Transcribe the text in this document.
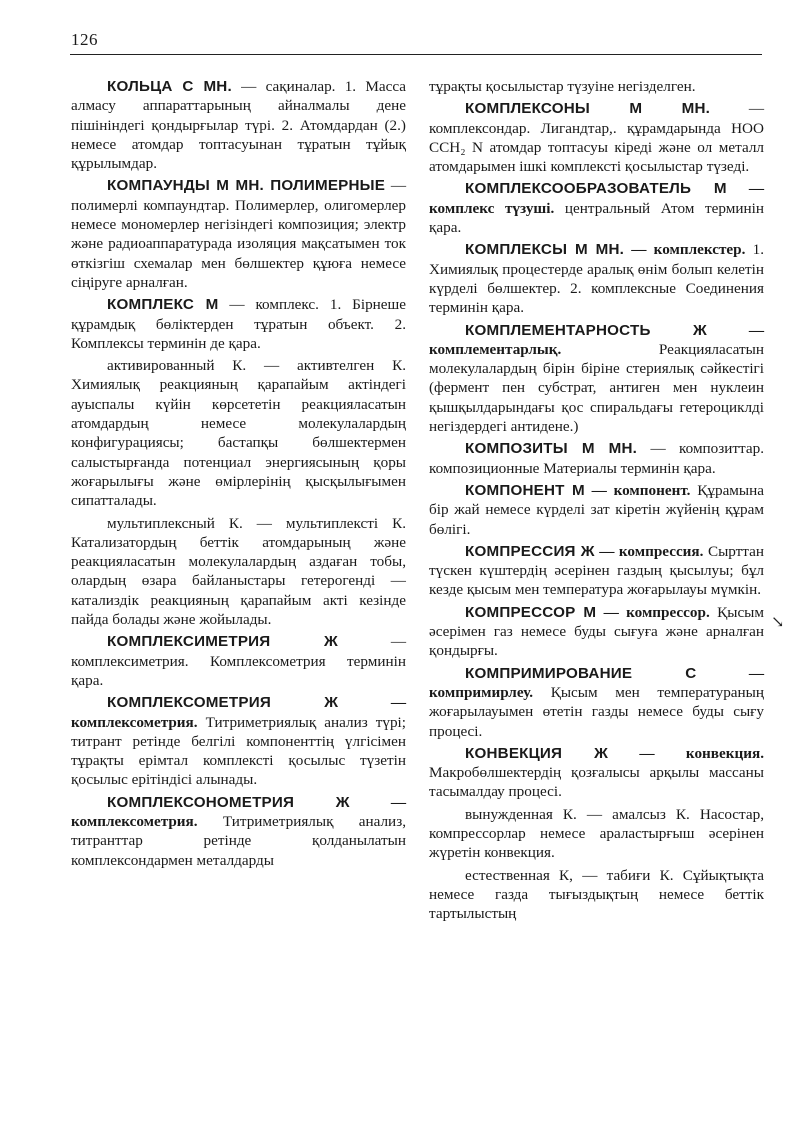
126

КОЛЬЦА С МН. — сақиналар. 1. Масса алмасу аппараттарының айналмалы дене пішініндегі қондырғылар түрі. 2. Атомдардан (2.) немесе атомдар топтасуынан тұратын тұйық құрылымдар.

КОМПАУНДЫ М МН. ПОЛИМЕРНЫЕ — полимерлі компаундтар. Полимерлер, олигомерлер немесе мономерлер негізіндегі композиция; электр және радиоаппаратурада изоляция мақсатымен ток өткізгіш схемалар мен бөлшектер құюға немесе сіңіруге арналған.

КОМПЛЕКС М — комплекс. 1. Бірнеше құрамдық бөліктерден тұратын объект. 2. Комплексы терминін де қара.

активированный К. — активтелген К. Химиялық реакцияның қарапайым актіндегі ауыспалы күйін көрсететін реакцияласатын атомдардың немесе молекулалардың конфигурациясы; бастапқы бөлшектермен салыстырғанда потенциал энергиясының қоры жоғарылығы және өмірлерінің қысқылығымен сипатталады.

мультиплексный К. — мультиплексті К. Катализатордың беттік атомдарының және реакцияласатын молекулалардың аздаған тобы, олардың өзара байланыстары гетерогенді — катализдік реакцияның қарапайым акті кезінде пайда болады және жойылады.

КОМПЛЕКСИМЕТРИЯ Ж	— комплексиметрия. Комплексометрия терминін қара.

КОМПЛЕКСОМЕТРИЯ Ж	— комплексометрия. Титриметриялық анализ түрі; титрант ретінде белгілі компоненттің үлгісімен тұрақты ерімтал комплексті қосылыс түзетін қосылыс ерітіндісі алынады.

КОМПЛЕКСОНОМЕТРИЯ Ж	— комплексометрия. Титриметриялық анализ, титранттар ретінде қолданылатын комплексондармен металдарды

тұрақты қосылыстар түзуіне негізделген.

КОМПЛЕКСОНЫ М МН.	— комплексондар. Лигандтар,. құрамдарында НОО ССН₂ N атомдар топтасуы кіреді және ол металл атомдарымен ішкі комплексті қосылыстар түзеді.

КОМПЛЕКСООБРАЗОВАТЕЛЬ М — комплекс түзуші. центральный Атом терминін қара.

КОМПЛЕКСЫ М МН. — комплекстер. 1. Химиялық процестерде аралық өнім болып келетін күрделі бөлшектер. 2. комплексные Соединения терминін қара.

КОМПЛЕМЕНТАРНОСТЬ Ж	— комплементарлық. Реакцияласатын молекулалардың бірін біріне стериялық сәйкестігі (фермент пен субстрат, антиген мен нуклеин қышқылдарындағы қос спиральдағы гетероциклді негіздердегі антидене.)

КОМПОЗИТЫ М МН. — композиттар. композиционные Материалы терминін қара.

КОМПОНЕНТ М — компонент. Құрамына бір жай немесе күрделі зат кіретін жүйенің құрам бөлігі.

КОМПРЕССИЯ Ж — компрессия. Сырттан түскен күштердің әсерінен газдың қысылуы; бұл кезде қысым мен температура жоғарылауы мүмкін.

КОМПРЕССОР М — компрессор. Қысым әсерімен газ немесе буды сығуға және арналған қондырғы.

КОМПРИМИРОВАНИЕ С	— компримирлеу. Қысым мен температураның жоғарылауымен өтетін газды немесе буды сығу процесі.

КОНВЕКЦИЯ Ж — конвекция. Макробөлшектердің қозғалысы арқылы массаны тасымалдау процесі.

вынужденная К. — амалсыз К. Насостар, компрессорлар немесе араластырғыш әсерінен жүретін конвекция.

естественная К, — табиғи К. Сұйықтықта немесе газда тығыздықтың немесе беттік тартылыстың

↘
